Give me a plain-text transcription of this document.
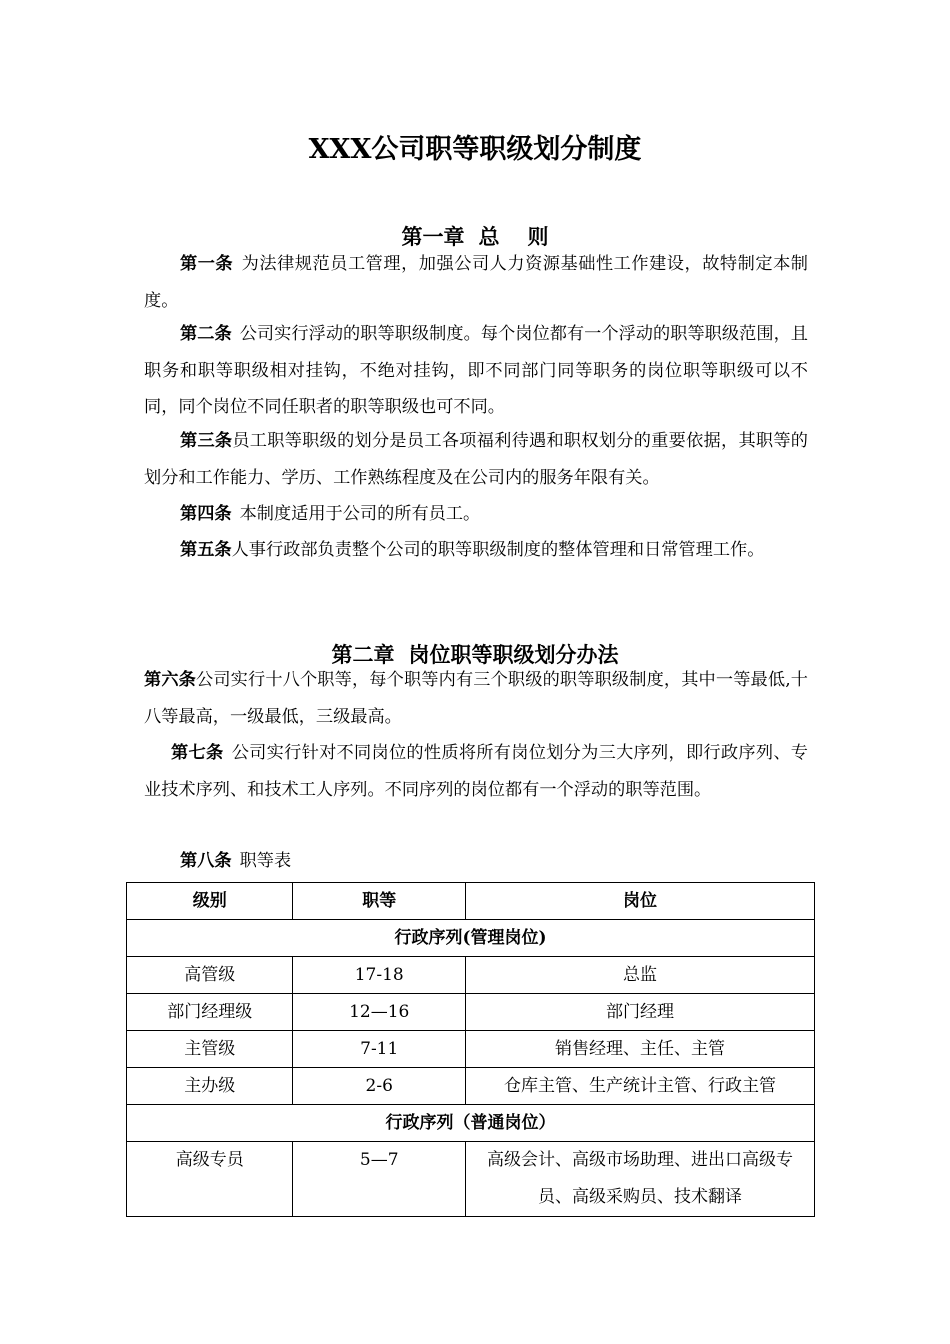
XXX公司职等职级划分制度
第一章 总 则

第一条 为法律规范员工管理，加强公司人力资源基础性工作建设，故特制定本制度。

第二条 公司实行浮动的职等职级制度。每个岗位都有一个浮动的职等职级范围，且职务和职等职级相对挂钩，不绝对挂钩，即不同部门同等职务的岗位职等职级可以不同，同个岗位不同任职者的职等职级也可不同。

第三条员工职等职级的划分是员工各项福利待遇和职权划分的重要依据，其职等的划分和工作能力、学历、工作熟练程度及在公司内的服务年限有关。

第四条 本制度适用于公司的所有员工。

第五条人事行政部负责整个公司的职等职级制度的整体管理和日常管理工作。

第二章 岗位职等职级划分办法

第六条公司实行十八个职等，每个职等内有三个职级的职等职级制度，其中一等最低,十八等最高，一级最低，三级最高。

第七条 公司实行针对不同岗位的性质将所有岗位划分为三大序列，即行政序列、专业技术序列、和技术工人序列。不同序列的岗位都有一个浮动的职等范围。

第八条 职等表

级别	职等	岗位
行政序列(管理岗位)		
高管级	17-18	总监
部门经理级	12—16	部门经理
主管级	7-11	销售经理、主任、主管
主办级	2-6	仓库主管、生产统计主管、行政主管
行政序列（普通岗位）		
高级专员	5—7	高级会计、高级市场助理、进出口高级专员、高级采购员、技术翻译
